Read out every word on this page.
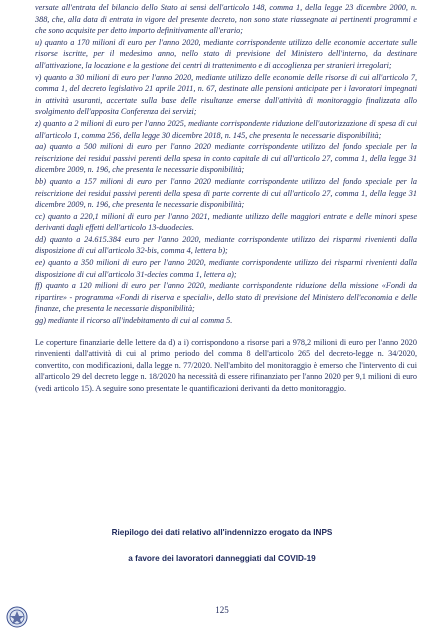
versate all'entrata del bilancio dello Stato ai sensi dell'articolo 148, comma 1, della legge 23 dicembre 2000, n. 388, che, alla data di entrata in vigore del presente decreto, non sono state riassegnate ai pertinenti programmi e che sono acquisite per detto importo definitivamente all'erario;

u) quanto a 170 milioni di euro per l'anno 2020, mediante corrispondente utilizzo delle economie accertate sulle risorse iscritte, per il medesimo anno, nello stato di previsione del Ministero dell'interno, da destinare all'attivazione, la locazione e la gestione dei centri di trattenimento e di accoglienza per stranieri irregolari;

v) quanto a 30 milioni di euro per l'anno 2020, mediante utilizzo delle economie delle risorse di cui all'articolo 7, comma 1, del decreto legislativo 21 aprile 2011, n. 67, destinate alle pensioni anticipate per i lavoratori impegnati in attività usuranti, accertate sulla base delle risultanze emerse dall'attività di monitoraggio finalizzata allo svolgimento dell'apposita Conferenza dei servizi;

z) quanto a 2 milioni di euro per l'anno 2025, mediante corrispondente riduzione dell'autorizzazione di spesa di cui all'articolo 1, comma 256, della legge 30 dicembre 2018, n. 145, che presenta le necessarie disponibilità;

aa) quanto a 500 milioni di euro per l'anno 2020 mediante corrispondente utilizzo del fondo speciale per la reiscrizione dei residui passivi perenti della spesa in conto capitale di cui all'articolo 27, comma 1, della legge 31 dicembre 2009, n. 196, che presenta le necessarie disponibilità;

bb) quanto a 157 milioni di euro per l'anno 2020 mediante corrispondente utilizzo del fondo speciale per la reiscrizione dei residui passivi perenti della spesa di parte corrente di cui all'articolo 27, comma 1, della legge 31 dicembre 2009, n. 196, che presenta le necessarie disponibilità;

cc) quanto a 220,1 milioni di euro per l'anno 2021, mediante utilizzo delle maggiori entrate e delle minori spese derivanti dagli effetti dell'articolo 13-duodecies.

dd) quanto a 24.615.384 euro per l'anno 2020, mediante corrispondente utilizzo dei risparmi rivenienti dalla disposizione di cui all'articolo 32-bis, comma 4, lettera b);

ee) quanto a 350 milioni di euro per l'anno 2020, mediante corrispondente utilizzo dei risparmi rivenienti dalla disposizione di cui all'articolo 31-decies comma 1, lettera a);

ff) quanto a 120 milioni di euro per l'anno 2020, mediante corrispondente riduzione della missione «Fondi da ripartire» - programma «Fondi di riserva e speciali», dello stato di previsione del Ministero dell'economia e delle finanze, che presenta le necessarie disponibilità;

gg) mediante il ricorso all'indebitamento di cui al comma 5.

Le coperture finanziarie delle lettere da d) a i) corrispondono a risorse pari a 978,2 milioni di euro per l'anno 2020 rinvenienti dall'attività di cui al primo periodo del comma 8 dell'articolo 265 del decreto-legge n. 34/2020, convertito, con modificazioni, dalla legge n. 77/2020. Nell'ambito del monitoraggio è emerso che l'intervento di cui all'articolo 29 del decreto legge n. 18/2020 ha necessità di essere rifinanziato per l'anno 2020 per 9,1 milioni di euro (vedi articolo 15). A seguire sono presentate le quantificazioni derivanti da detto monitoraggio.

Riepilogo dei dati relativo all'indennizzo erogato da INPS
a favore dei lavoratori danneggiati dal COVID-19
125
